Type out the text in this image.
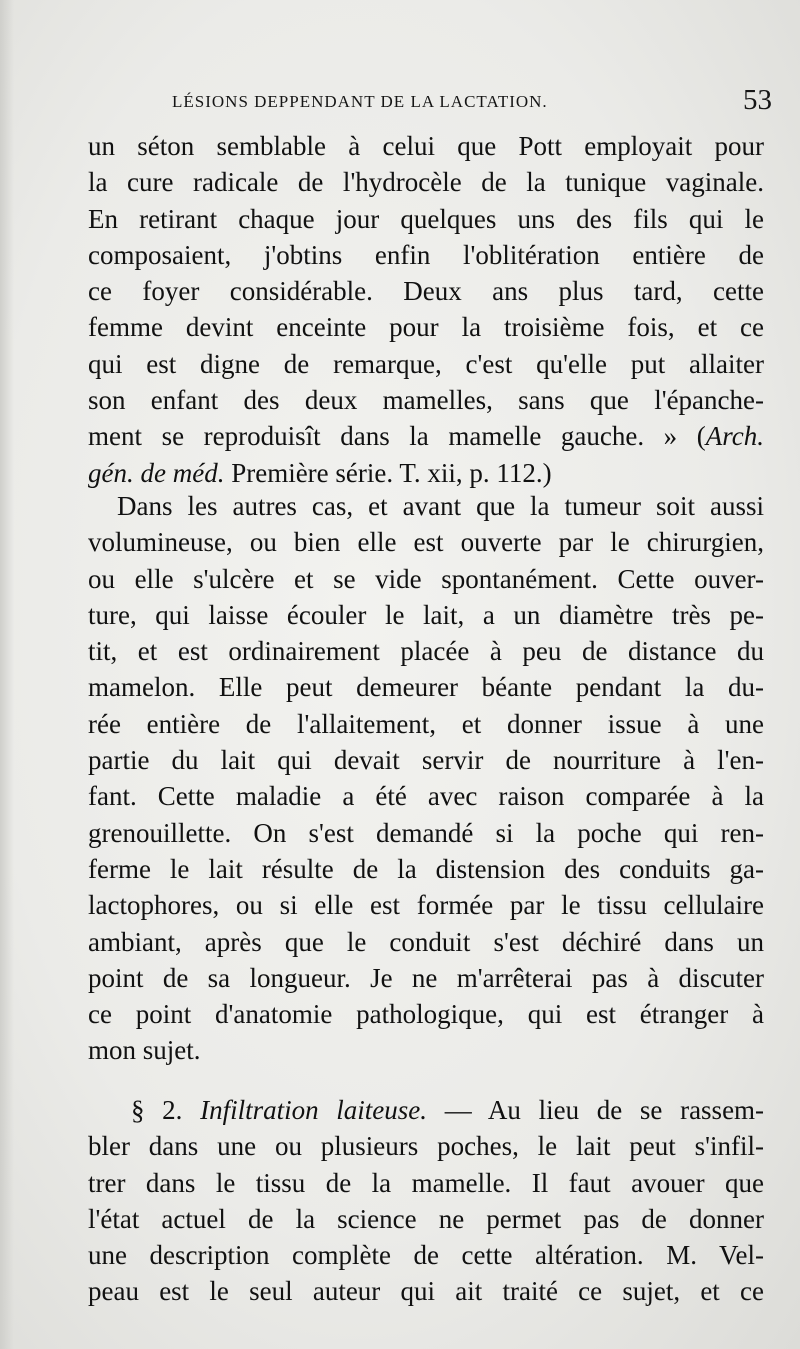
LÉSIONS DEPPENDANT DE LA LACTATION.	53
un séton semblable à celui que Pott employait pour
la cure radicale de l'hydrocèle de la tunique vaginale.
En retirant chaque jour quelques uns des fils qui le
composaient, j'obtins enfin l'oblitération entière de
ce foyer considérable. Deux ans plus tard, cette
femme devint enceinte pour la troisième fois, et ce
qui est digne de remarque, c'est qu'elle put allaiter
son enfant des deux mamelles, sans que l'épanche-
ment se reproduisît dans la mamelle gauche. » (Arch.
gén. de méd. Première série. T. xii, p. 112.)
Dans les autres cas, et avant que la tumeur soit aussi
volumineuse, ou bien elle est ouverte par le chirurgien,
ou elle s'ulcère et se vide spontanément. Cette ouver-
ture, qui laisse écouler le lait, a un diamètre très pe-
tit, et est ordinairement placée à peu de distance du
mamelon. Elle peut demeurer béante pendant la du-
rée entière de l'allaitement, et donner issue à une
partie du lait qui devait servir de nourriture à l'en-
fant. Cette maladie a été avec raison comparée à la
grenouillette. On s'est demandé si la poche qui ren-
ferme le lait résulte de la distension des conduits ga-
lactophores, ou si elle est formée par le tissu cellulaire
ambiant, après que le conduit s'est déchiré dans un
point de sa longueur. Je ne m'arrêterai pas à discuter
ce point d'anatomie pathologique, qui est étranger à
mon sujet.
§ 2. Infiltration laiteuse. — Au lieu de se rassem-
bler dans une ou plusieurs poches, le lait peut s'infil-
trer dans le tissu de la mamelle. Il faut avouer que
l'état actuel de la science ne permet pas de donner
une description complète de cette altération. M. Vel-
peau est le seul auteur qui ait traité ce sujet, et ce
